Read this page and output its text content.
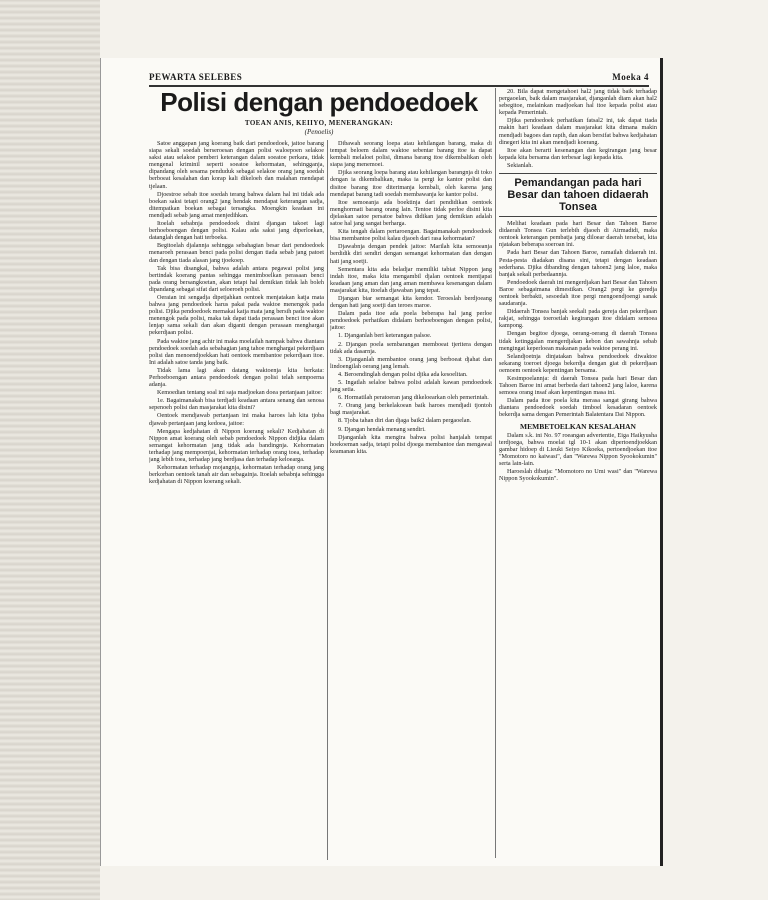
PEWARTA SELEBES	Moeka 4
Polisi dengan pendoedoek
TOEAN ANIS, KEIIYO, MENERANGKAN:
(Penoelis)

Satoe anggapan jang koerang baik dari pendoedoek, jaitoe barang siapa sekali soedah berseroesan dengan polisi waloepoen selakoe saksi atau selakoe pemberi keterangan dalam soeatoe perkara, tidak mengenal kriminil seperti soeatoe kehormatan, sehingganja, dipandang oleh sesama penduduk sebagai selakoe orang jang soedah berboeat kesalahan dan korap kali dikeloeh dan malahan mendapat tjelaan.

Djoestroe sebab itoe soedah terang bahwa dalam hal ini tidak ada boekan saksi tetapi orang2 jang hendak mendapat keterangan sadja, ditempatkan boekan sebagai tersangka. Moengkin keadaan ini mendjadi sebab jang amat menjedihkan.

Itoelah sebabnja pendoedoek disini djangan takoet lagi berhoeboengan dengan polisi. Kalau ada saksi jang diperloekan, datanglah dengan hati terboeka.

Begitoelah djalannja sehingga sebahagian besar dari pendoedoek menaroeh perasaan benci pada polisi dengan tiada sebab jang patoet dan dengan tiada alasan jang tjoekoep.

Tak bisa disangkal, bahwa adalah antara pegawai polisi jang bertindak koerang pantas sehingga menimboelkan perasaan benci pada orang bersangkoetan, akan tetapi hal demikian tidak lah boleh dipandang sebagai sifat dari seloeroeh polisi.

Oeraian ini sengadja dipetjahkan oentoek menjatakan katja mata bahwa jang pendoedoek harus pakai pada waktoe menengok pada polisi. Djika pendoedoek memakai katja mata jang bersih pada waktoe menengok pada polisi, maka tak dapat tiada perasaan benci itoe akan lenjap sama sekali dan akan diganti dengan perasaan menghargai pekerdjaan polisi.

Pada waktoe jang achir ini maka moelailah nampak bahwa diantara pendoedoek soedah ada sebahagian jang tahoe menghargai pekerdjaan polisi dan menoendjoekkan hati oentoek membantoe pekerdjaan itoe. Ini adalah satoe tanda jang baik.

Tidak lama lagi akan datang waktoenja kita berkata: Perhoeboengan antara pendoedoek dengan polisi telah sempoerna adanja.

Kemoedian tentang soal ini saja madjoekan doea pertanjaan jaitoe:

1e. Bagaimanakah bisa terdjadi keadaan antara senang dan senosa sepenoeh polisi dan masjarakat kita disini?

Oentoek mendjawab pertanjaan ini maka haroes lah kita tjoba djawab pertanjaan jang kedoea, jaitoe:

Mengapa kedjahatan di Nippon koerang sekali? Kedjahatan di Nippon amat koerang oleh sebab pendoedoek Nippon didjika dalam semangat kehormatan jang tidak ada bandingnja. Kehormatan terhadap jang mempoenjai, kehormatan terhadap orang toea, terhadap jang lebih toea, terhadap jang berdjasa dan terhadap keloearga.

Kehormatan terhadap mojangnja, kehormatan terhadap orang jang berkorban oentoek tanah air dan sebagainja. Itoelah sebabnja sehingga kedjahatan di Nippon koerang sekali.

Dibawah seorang loepa atau kehilangan barang, maka di tempat beloem dalam waktoe sebentar barang itoe ia dapat kembali melaloei polisi, dimana barang itoe dikembalikan oleh siapa jang menemoei.

Djika seorang loepa barang atau kehilangan barangnja di toko dengan ia dikembalikan, maka ia pergi ke kantor polisi dan disitoe barang itoe diterimanja kembali, oleh karena jang mendapat barang tadi soedah membawanja ke kantor polisi.

Itoe semoeanja ada boektinja dari pendidikan oentoek menghormati barang orang lain. Tentoe tidak perloe disini kita djelaskan satoe persatoe bahwa didikan jang demikian adalah satoe hal jang sangat berharga.

Kita tengah dalam pertaroengan. Bagaimanakah pendoedoek bisa membantoe polisi kalau djaoeh dari rasa kehormatan?

Djawabnja dengan pendek jaitoe: Marilah kita semoeanja berdidik diri sendiri dengan semangat kehormatan dan dengan hati jang soetji.

Sementara kita ada beladjar memiliki tabiat Nippon jang indah itoe, maka kita mengambil djalan oentoek mentjapai keadaan jang aman dan jang aman membawa kesenangan dalam masjarakat kita, itoelah djawaban jang tepat.

Djangan biar semangat kita kendor. Teroeslah berdjoeang dengan hati jang soetji dan teroes maroe.

Dalam pada itoe ada poela beberapa hal jang perloe pendoedoek perhatikan didalam berhoeboengan dengan polisi, jaitoe:

1. Djanganlah beri keterangan palsoe.

2. Djangan poela sembarangan memboeat tjeritera dengan tidak ada dasarnja.

3. Djanganlah membantoe orang jang berboeat djahat dan lindoengilah oerang jang lemah.

4. Beroendinglah dengan polisi djika ada kesoelitan.

5. Ingatlah selaloe bahwa polisi adalah kawan pendoedoek jang setia.

6. Hormatilah peratoeran jang dikeloearkan oleh pemerintah.

7. Orang jang berkelakoean baik haroes mendjadi tjontoh bagi masjarakat.

8. Tjoba tahan diri dan djaga baik2 dalam pergaoelan.

9. Djangan hendak menang sendiri.

Djanganlah kita mengira bahwa polisi hanjalah tempat hoekoeman sadja, tetapi polisi djoega membantoe dan mengawal keamanan kita.

20. Bila dapat mengetahoei hal2 jang tidak baik terhadap pergaoelan, baik dalam masjarakat, djanganlah diam akan hal2 sebegitoe, melainkan madjoekan hal itoe kepada polisi atau kepada Pemerintah.

Djika pendoedoek perhatikan fatsal2 ini, tak dapat tiada makin hari keadaan dalam masjarakat kita dimana makin mendjadi bagoes dan rapih, dan akan bersifat bahwa kedjahatan dinegeri kita ini akan mendjadi koerang.

Itoe akan berarti kesenangan dan kegirangan jang besar kepada kita bersama dan terbesar lagi kepada kita.

Sekianlah.

Pemandangan pada hari Besar dan tahoen didaerah Tonsea

Melihat keadaan pada hari Besar dan Tahoen Baroe didaerah Tonsea Gun terlebih djaoeh di Airmadidi, maka oentoek keterangan pembatja jang diloear daerah tersebat, kita njatakan beberapa soeroan ini.

Pada hari Besar dan Tahoen Baroe, ramailah didaerah ini. Pesta-pesta diadakan disana sini, tetapi dengan keadaan sederhana. Djika dibanding dengan tahoen2 jang laloe, maka banjak sekali perbedaannja.

Pendoedoek daerah ini mengerdjakan hari Besar dan Tahoen Baroe sebagaimana dimestikan. Orang2 pergi ke geredja oentoek berbakti, sesoedah itoe pergi mengoendjoengi sanak saudaranja.

Didaerah Tonsea banjak seekali pada gereja dan pekerdjaan rakjat, sehingga toeroetlah kegirangan itoe didalam semoea kampong.

Dengan begitoe djoega, oerang-oerang di daerah Tonsea tidak ketinggalan mengerdjakan kebon dan sawahnja sebab mengingat keperloean makanan pada waktoe perang ini.

Selandjoetnja dinjatakan bahwa pendoedoek diwaktoe sekarang toeroet djoega bekerdja dengan giat di pekerdjaan oemoem oentoek kepentingan bersama.

Kesimpoelannja: di daerah Tonsea pada hari Besar dan Tahoen Baroe ini amat berbeda dari tahoen2 jang laloe, karena semoea orang insaf akan kepentingan masa ini.

Dalam pada itoe poela kita merasa sangat girang bahwa diantara pendoedoek soedah timboel kesadaran oentoek bekerdja sama dengan Pemerintah Balatentara Dai Nippon.

MEMBETOELKAN KESALAHAN

Dalam s.k. ini No. 97 roeangan advertentie, Eiga Haikyusha terdjoega, bahwa moelai tgl 10-1 akan dipertoendjoekkan gambar hidoep di Lieuki Seiyo Kikoeka, pertoendjoekan itoe "Momotoro no kaiwasi", dan "Warewa Nippon Syookokumin" serta lain-lain.

Haroeslah dibatja: "Momotoro no Umi wasi" dan "Warewa Nippon Syookokumin".
